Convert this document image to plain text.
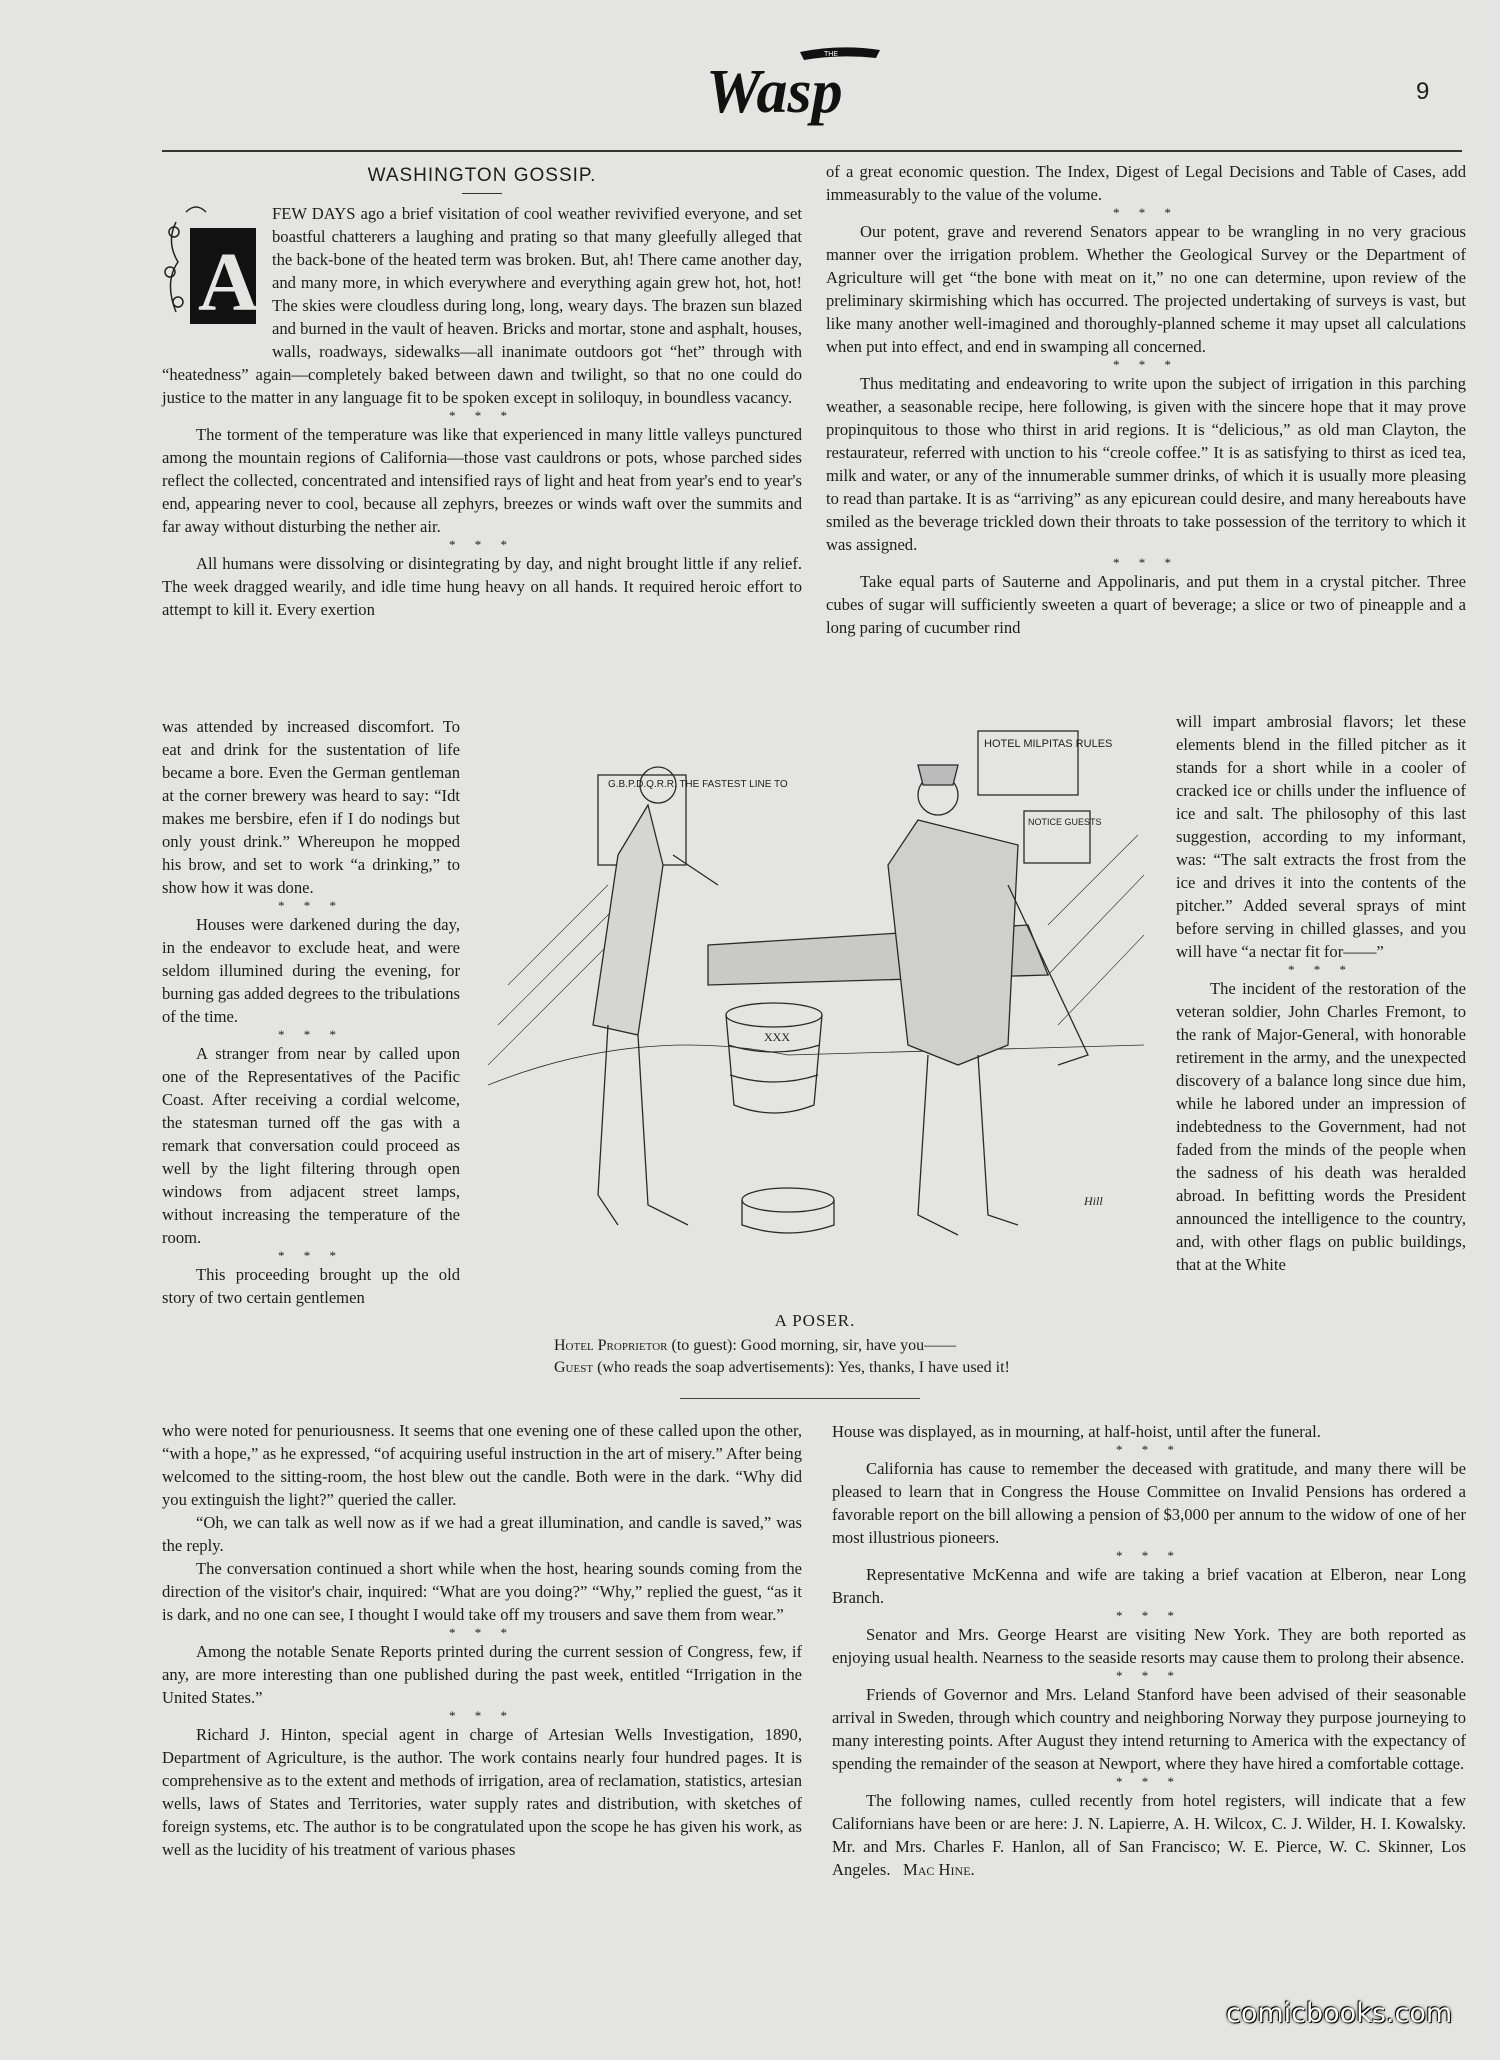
THE
Wasp	9
WASHINGTON GOSSIP.
A

FEW DAYS ago a brief visitation of cool weather revivified everyone, and set boastful chatterers a laughing and prating so that many gleefully alleged that the back-bone of the heated term was broken. But, ah! There came another day, and many more, in which everywhere and everything again grew hot, hot, hot! The skies were cloudless during long, long, weary days. The brazen sun blazed and burned in the vault of heaven. Bricks and mortar, stone and asphalt, houses, walls, roadways, sidewalks—all inanimate outdoors got “het” through with “heatedness” again—completely baked between dawn and twilight, so that no one could do justice to the matter in any language fit to be spoken except in soliloquy, in boundless vacancy.

* * *

The torment of the temperature was like that experienced in many little valleys punctured among the mountain regions of California—those vast cauldrons or pots, whose parched sides reflect the collected, concentrated and intensified rays of light and heat from year's end to year's end, appearing never to cool, because all zephyrs, breezes or winds waft over the summits and far away without disturbing the nether air.

* * *

All humans were dissolving or disintegrating by day, and night brought little if any relief. The week dragged wearily, and idle time hung heavy on all hands. It required heroic effort to attempt to kill it. Every exertion

was attended by increased discomfort. To eat and drink for the sustentation of life became a bore. Even the German gentleman at the corner brewery was heard to say: “Idt makes me bersbire, efen if I do nodings but only youst drink.” Whereupon he mopped his brow, and set to work “a drinking,” to show how it was done.

* * *

Houses were darkened during the day, in the endeavor to exclude heat, and were seldom illumined during the evening, for burning gas added degrees to the tribulations of the time.

* * *

A stranger from near by called upon one of the Representatives of the Pacific Coast. After receiving a cordial welcome, the statesman turned off the gas with a remark that conversation could proceed as well by the light filtering through open windows from adjacent street lamps, without increasing the temperature of the room.

* * *

This proceeding brought up the old story of two certain gentlemen

who were noted for penuriousness. It seems that one evening one of these called upon the other, “with a hope,” as he expressed, “of acquiring useful instruction in the art of misery.” After being welcomed to the sitting-room, the host blew out the candle. Both were in the dark. “Why did you extinguish the light?” queried the caller.

“Oh, we can talk as well now as if we had a great illumination, and candle is saved,” was the reply.

The conversation continued a short while when the host, hearing sounds coming from the direction of the visitor's chair, inquired: “What are you doing?” “Why,” replied the guest, “as it is dark, and no one can see, I thought I would take off my trousers and save them from wear.”

* * *

Among the notable Senate Reports printed during the current session of Congress, few, if any, are more interesting than one published during the past week, entitled “Irrigation in the United States.”

* * *

Richard J. Hinton, special agent in charge of Artesian Wells Investigation, 1890, Department of Agriculture, is the author. The work contains nearly four hundred pages. It is comprehensive as to the extent and methods of irrigation, area of reclamation, statistics, artesian wells, laws of States and Territories, water supply rates and distribution, with sketches of foreign systems, etc. The author is to be congratulated upon the scope he has given his work, as well as the lucidity of his treatment of various phases

of a great economic question. The Index, Digest of Legal Decisions and Table of Cases, add immeasurably to the value of the volume.

* * *

Our potent, grave and reverend Senators appear to be wrangling in no very gracious manner over the irrigation problem. Whether the Geological Survey or the Department of Agriculture will get “the bone with meat on it,” no one can determine, upon review of the preliminary skirmishing which has occurred. The projected undertaking of surveys is vast, but like many another well-imagined and thoroughly-planned scheme it may upset all calculations when put into effect, and end in swamping all concerned.

* * *

Thus meditating and endeavoring to write upon the subject of irrigation in this parching weather, a seasonable recipe, here following, is given with the sincere hope that it may prove propinquitous to those who thirst in arid regions. It is “delicious,” as old man Clayton, the restaurateur, referred with unction to his “creole coffee.” It is as satisfying to thirst as iced tea, milk and water, or any of the innumerable summer drinks, of which it is usually more pleasing to read than partake. It is as “arriving” as any epicurean could desire, and many hereabouts have smiled as the beverage trickled down their throats to take possession of the territory to which it was assigned.

* * *

Take equal parts of Sauterne and Appolinaris, and put them in a crystal pitcher. Three cubes of sugar will sufficiently sweeten a quart of beverage; a slice or two of pineapple and a long paring of cucumber rind

will impart ambrosial flavors; let these elements blend in the filled pitcher as it stands for a short while in a cooler of cracked ice or chills under the influence of ice and salt. The philosophy of this last suggestion, according to my informant, was: “The salt extracts the frost from the ice and drives it into the contents of the pitcher.” Added several sprays of mint before serving in chilled glasses, and you will have “a nectar fit for——”

* * *

The incident of the restoration of the veteran soldier, John Charles Fremont, to the rank of Major-General, with honorable retirement in the army, and the unexpected discovery of a balance long since due him, while he labored under an impression of indebtedness to the Government, had not faded from the minds of the people when the sadness of his death was heralded abroad. In befitting words the President announced the intelligence to the country, and, with other flags on public buildings, that at the White

House was displayed, as in mourning, at half-hoist, until after the funeral.

* * *

California has cause to remember the deceased with gratitude, and many there will be pleased to learn that in Congress the House Committee on Invalid Pensions has ordered a favorable report on the bill allowing a pension of $3,000 per annum to the widow of one of her most illustrious pioneers.

* * *

Representative McKenna and wife are taking a brief vacation at Elberon, near Long Branch.

* * *

Senator and Mrs. George Hearst are visiting New York. They are both reported as enjoying usual health. Nearness to the seaside resorts may cause them to prolong their absence.

* * *

Friends of Governor and Mrs. Leland Stanford have been advised of their seasonable arrival in Sweden, through which country and neighboring Norway they purpose journeying to many interesting points. After August they intend returning to America with the expectancy of spending the remainder of the season at Newport, where they have hired a comfortable cottage.

* * *

The following names, culled recently from hotel registers, will indicate that a few Californians have been or are here: J. N. Lapierre, A. H. Wilcox, C. J. Wilder, H. I. Kowalsky. Mr. and Mrs. Charles F. Hanlon, all of San Francisco; W. E. Pierce, W. C. Skinner, Los Angeles. Mac Hine.

G.B.P.D.Q.R.R. THE FASTEST LINE TO
HOTEL MILPITAS RULES
NOTICE GUESTS
XXX
Hill
A POSER.
Hotel Proprietor (to guest): Good morning, sir, have you——
Guest (who reads the soap advertisements): Yes, thanks, I have used it!
comicbooks.com
